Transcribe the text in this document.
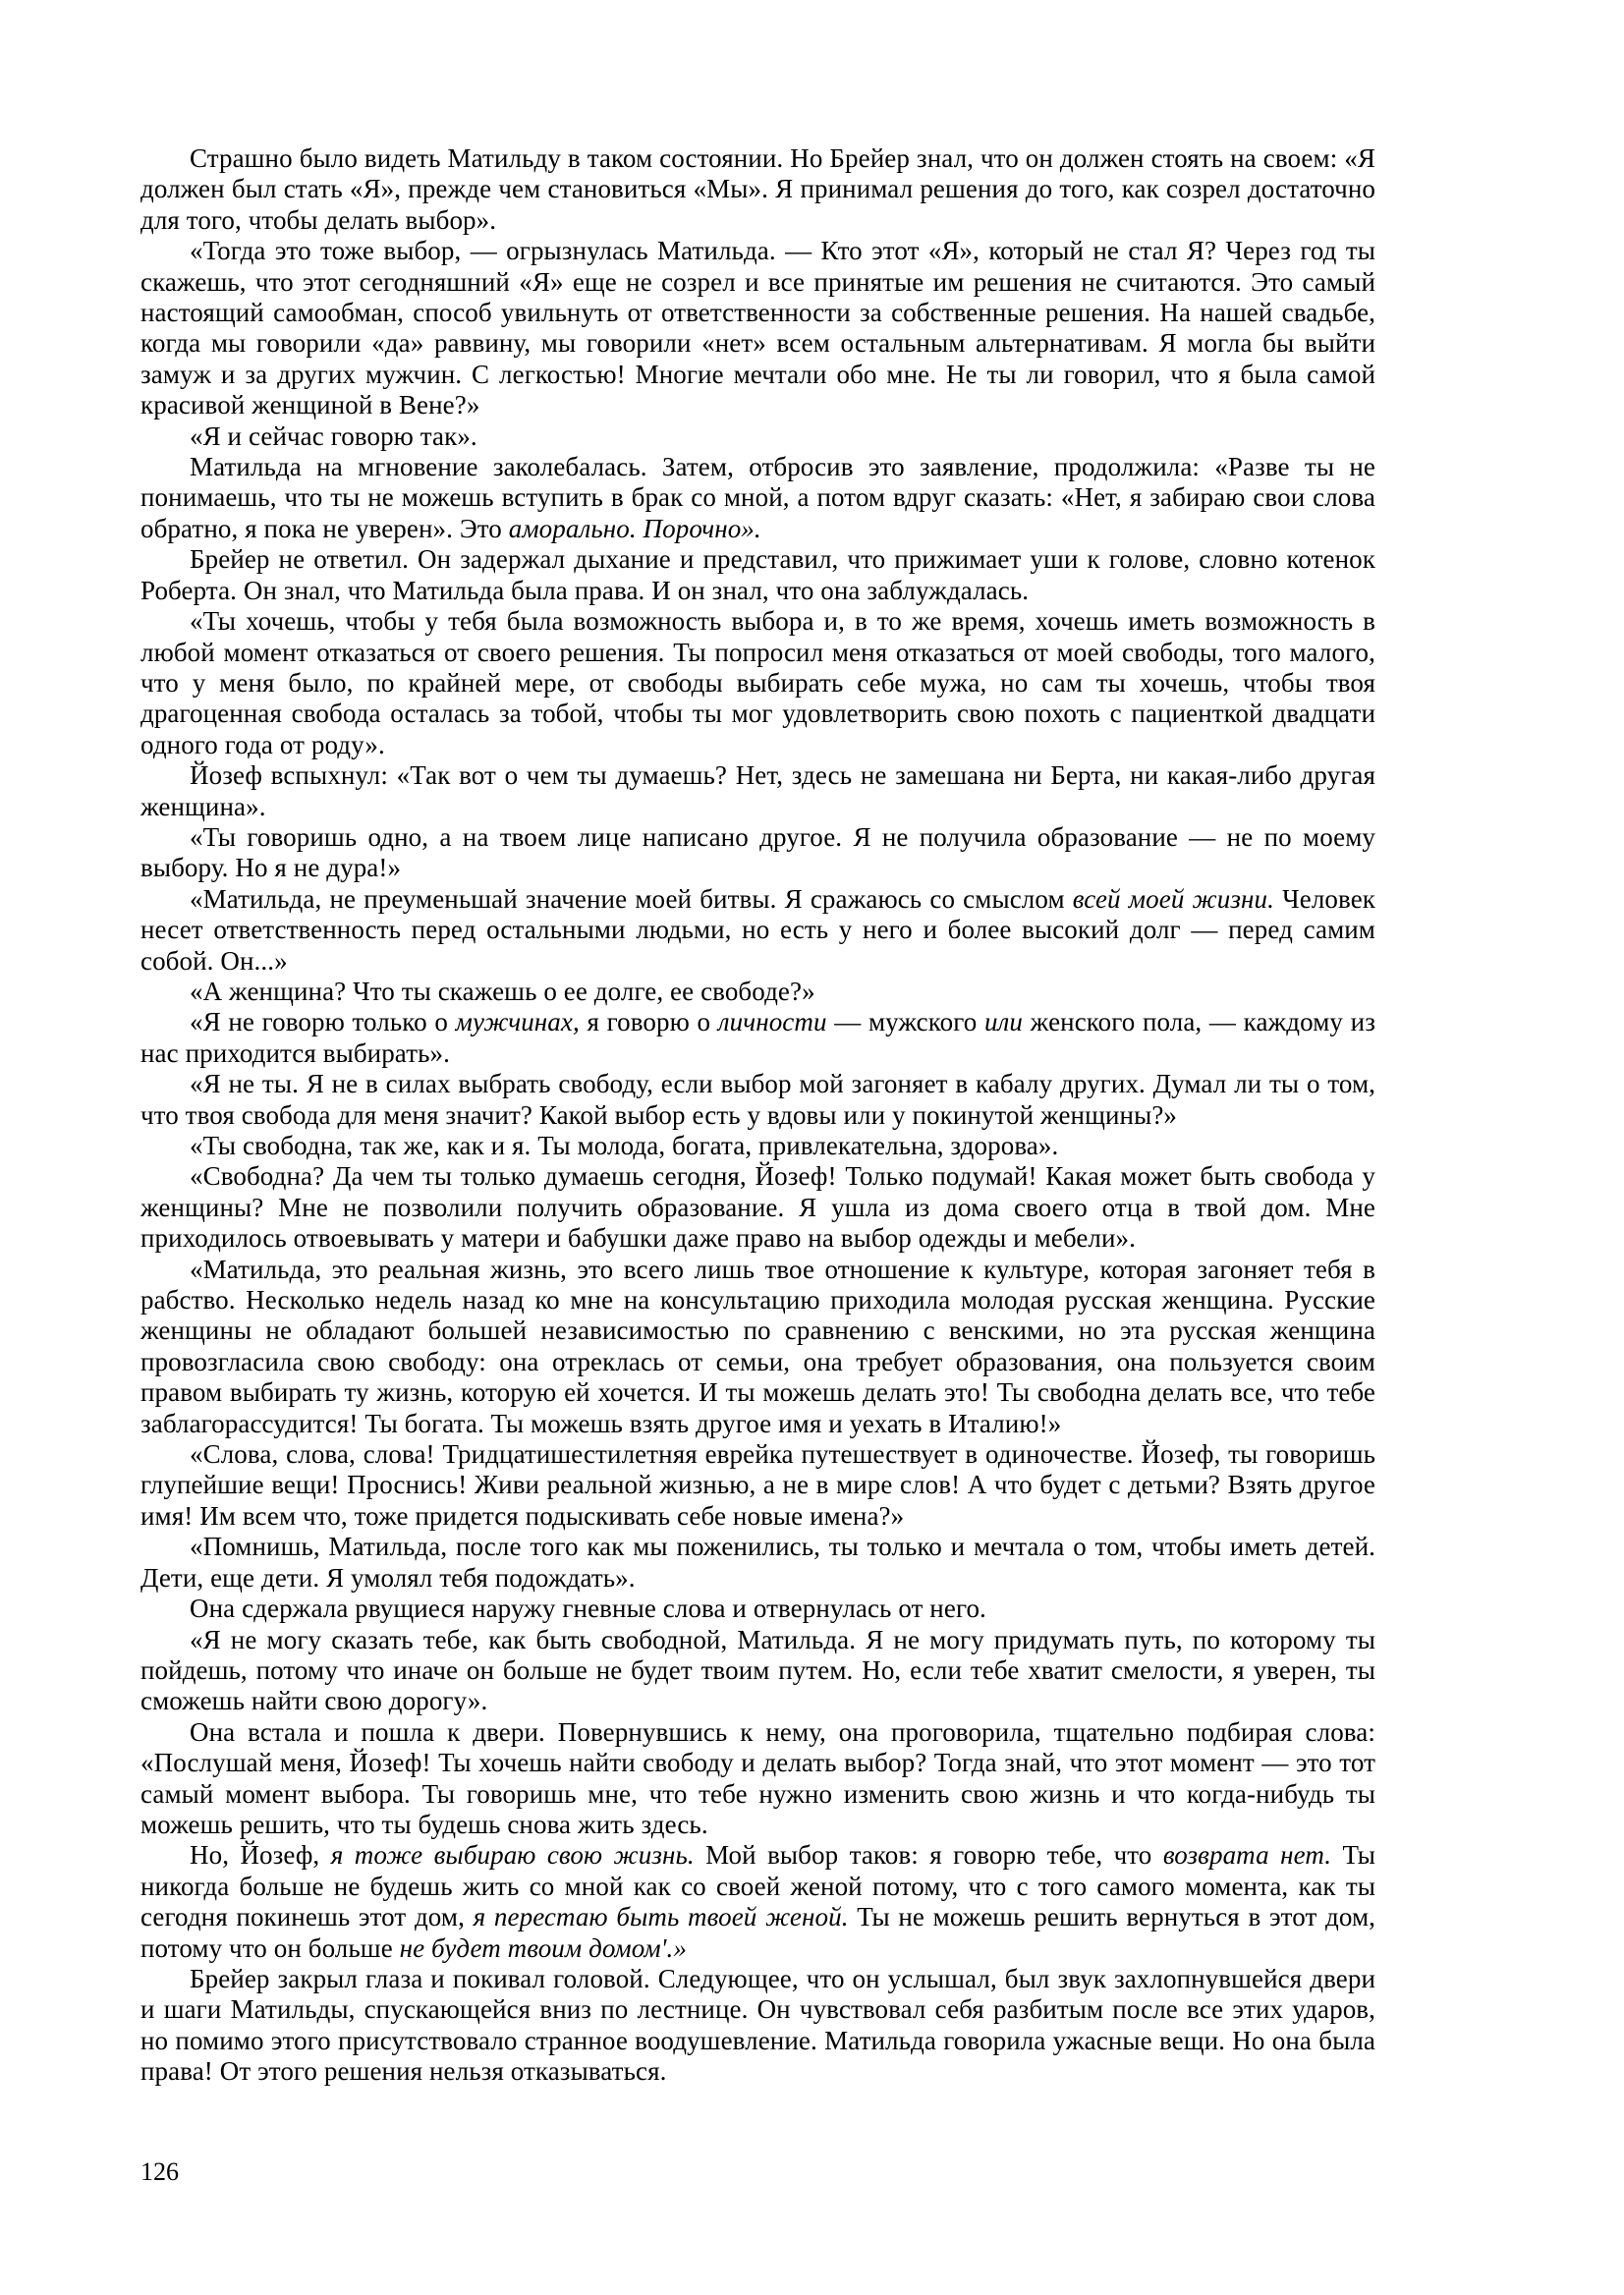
Страшно было видеть Матильду в таком состоянии. Но Брейер знал, что он должен стоять на своем: «Я должен был стать «Я», прежде чем становиться «Мы». Я принимал решения до того, как созрел достаточно для того, чтобы делать выбор».

«Тогда это тоже выбор, — огрызнулась Матильда. — Кто этот «Я», который не стал Я? Через год ты скажешь, что этот сегодняшний «Я» еще не созрел и все принятые им решения не считаются. Это самый настоящий самообман, способ увильнуть от ответственности за собственные решения. На нашей свадьбе, когда мы говорили «да» раввину, мы говорили «нет» всем остальным альтернативам. Я могла бы выйти замуж и за других мужчин. С легкостью! Многие мечтали обо мне. Не ты ли говорил, что я была самой красивой женщиной в Вене?»

«Я и сейчас говорю так».

Матильда на мгновение заколебалась. Затем, отбросив это заявление, продолжила: «Разве ты не понимаешь, что ты не можешь вступить в брак со мной, а потом вдруг сказать: «Нет, я забираю свои слова обратно, я пока не уверен». Это аморально. Порочно».

Брейер не ответил. Он задержал дыхание и представил, что прижимает уши к голове, словно котенок Роберта. Он знал, что Матильда была права. И он знал, что она заблуждалась.

«Ты хочешь, чтобы у тебя была возможность выбора и, в то же время, хочешь иметь возможность в любой момент отказаться от своего решения. Ты попросил меня отказаться от моей свободы, того малого, что у меня было, по крайней мере, от свободы выбирать себе мужа, но сам ты хочешь, чтобы твоя драгоценная свобода осталась за тобой, чтобы ты мог удовлетворить свою похоть с пациенткой двадцати одного года от роду».

Йозеф вспыхнул: «Так вот о чем ты думаешь? Нет, здесь не замешана ни Берта, ни какая-либо другая женщина».

«Ты говоришь одно, а на твоем лице написано другое. Я не получила образование — не по моему выбору. Но я не дура!»

«Матильда, не преуменьшай значение моей битвы. Я сражаюсь со смыслом всей моей жизни. Человек несет ответственность перед остальными людьми, но есть у него и более высокий долг — перед самим собой. Он...»

«А женщина? Что ты скажешь о ее долге, ее свободе?»

«Я не говорю только о мужчинах, я говорю о личности — мужского или женского пола, — каждому из нас приходится выбирать».

«Я не ты. Я не в силах выбрать свободу, если выбор мой загоняет в кабалу других. Думал ли ты о том, что твоя свобода для меня значит? Какой выбор есть у вдовы или у покинутой женщины?»

«Ты свободна, так же, как и я. Ты молода, богата, привлекательна, здорова».

«Свободна? Да чем ты только думаешь сегодня, Йозеф! Только подумай! Какая может быть свобода у женщины? Мне не позволили получить образование. Я ушла из дома своего отца в твой дом. Мне приходилось отвоевывать у матери и бабушки даже право на выбор одежды и мебели».

«Матильда, это реальная жизнь, это всего лишь твое отношение к культуре, которая загоняет тебя в рабство. Несколько недель назад ко мне на консультацию приходила молодая русская женщина. Русские женщины не обладают большей независимостью по сравнению с венскими, но эта русская женщина провозгласила свою свободу: она отреклась от семьи, она требует образования, она пользуется своим правом выбирать ту жизнь, которую ей хочется. И ты можешь делать это! Ты свободна делать все, что тебе заблагорассудится! Ты богата. Ты можешь взять другое имя и уехать в Италию!»

«Слова, слова, слова! Тридцатишестилетняя еврейка путешествует в одиночестве. Йозеф, ты говоришь глупейшие вещи! Проснись! Живи реальной жизнью, а не в мире слов! А что будет с детьми? Взять другое имя! Им всем что, тоже придется подыскивать себе новые имена?»

«Помнишь, Матильда, после того как мы поженились, ты только и мечтала о том, чтобы иметь детей. Дети, еще дети. Я умолял тебя подождать».

Она сдержала рвущиеся наружу гневные слова и отвернулась от него.

«Я не могу сказать тебе, как быть свободной, Матильда. Я не могу придумать путь, по которому ты пойдешь, потому что иначе он больше не будет твоим путем. Но, если тебе хватит смелости, я уверен, ты сможешь найти свою дорогу».

Она встала и пошла к двери. Повернувшись к нему, она проговорила, тщательно подбирая слова: «Послушай меня, Йозеф! Ты хочешь найти свободу и делать выбор? Тогда знай, что этот момент — это тот самый момент выбора. Ты говоришь мне, что тебе нужно изменить свою жизнь и что когда-нибудь ты можешь решить, что ты будешь снова жить здесь.

Но, Йозеф, я тоже выбираю свою жизнь. Мой выбор таков: я говорю тебе, что возврата нет. Ты никогда больше не будешь жить со мной как со своей женой потому, что с того самого момента, как ты сегодня покинешь этот дом, я перестаю быть твоей женой. Ты не можешь решить вернуться в этот дом, потому что он больше не будет твоим домом'.»

Брейер закрыл глаза и покивал головой. Следующее, что он услышал, был звук захлопнувшейся двери и шаги Матильды, спускающейся вниз по лестнице. Он чувствовал себя разбитым после все этих ударов, но помимо этого присутствовало странное воодушевление. Матильда говорила ужасные вещи. Но она была права! От этого решения нельзя отказываться.

126
